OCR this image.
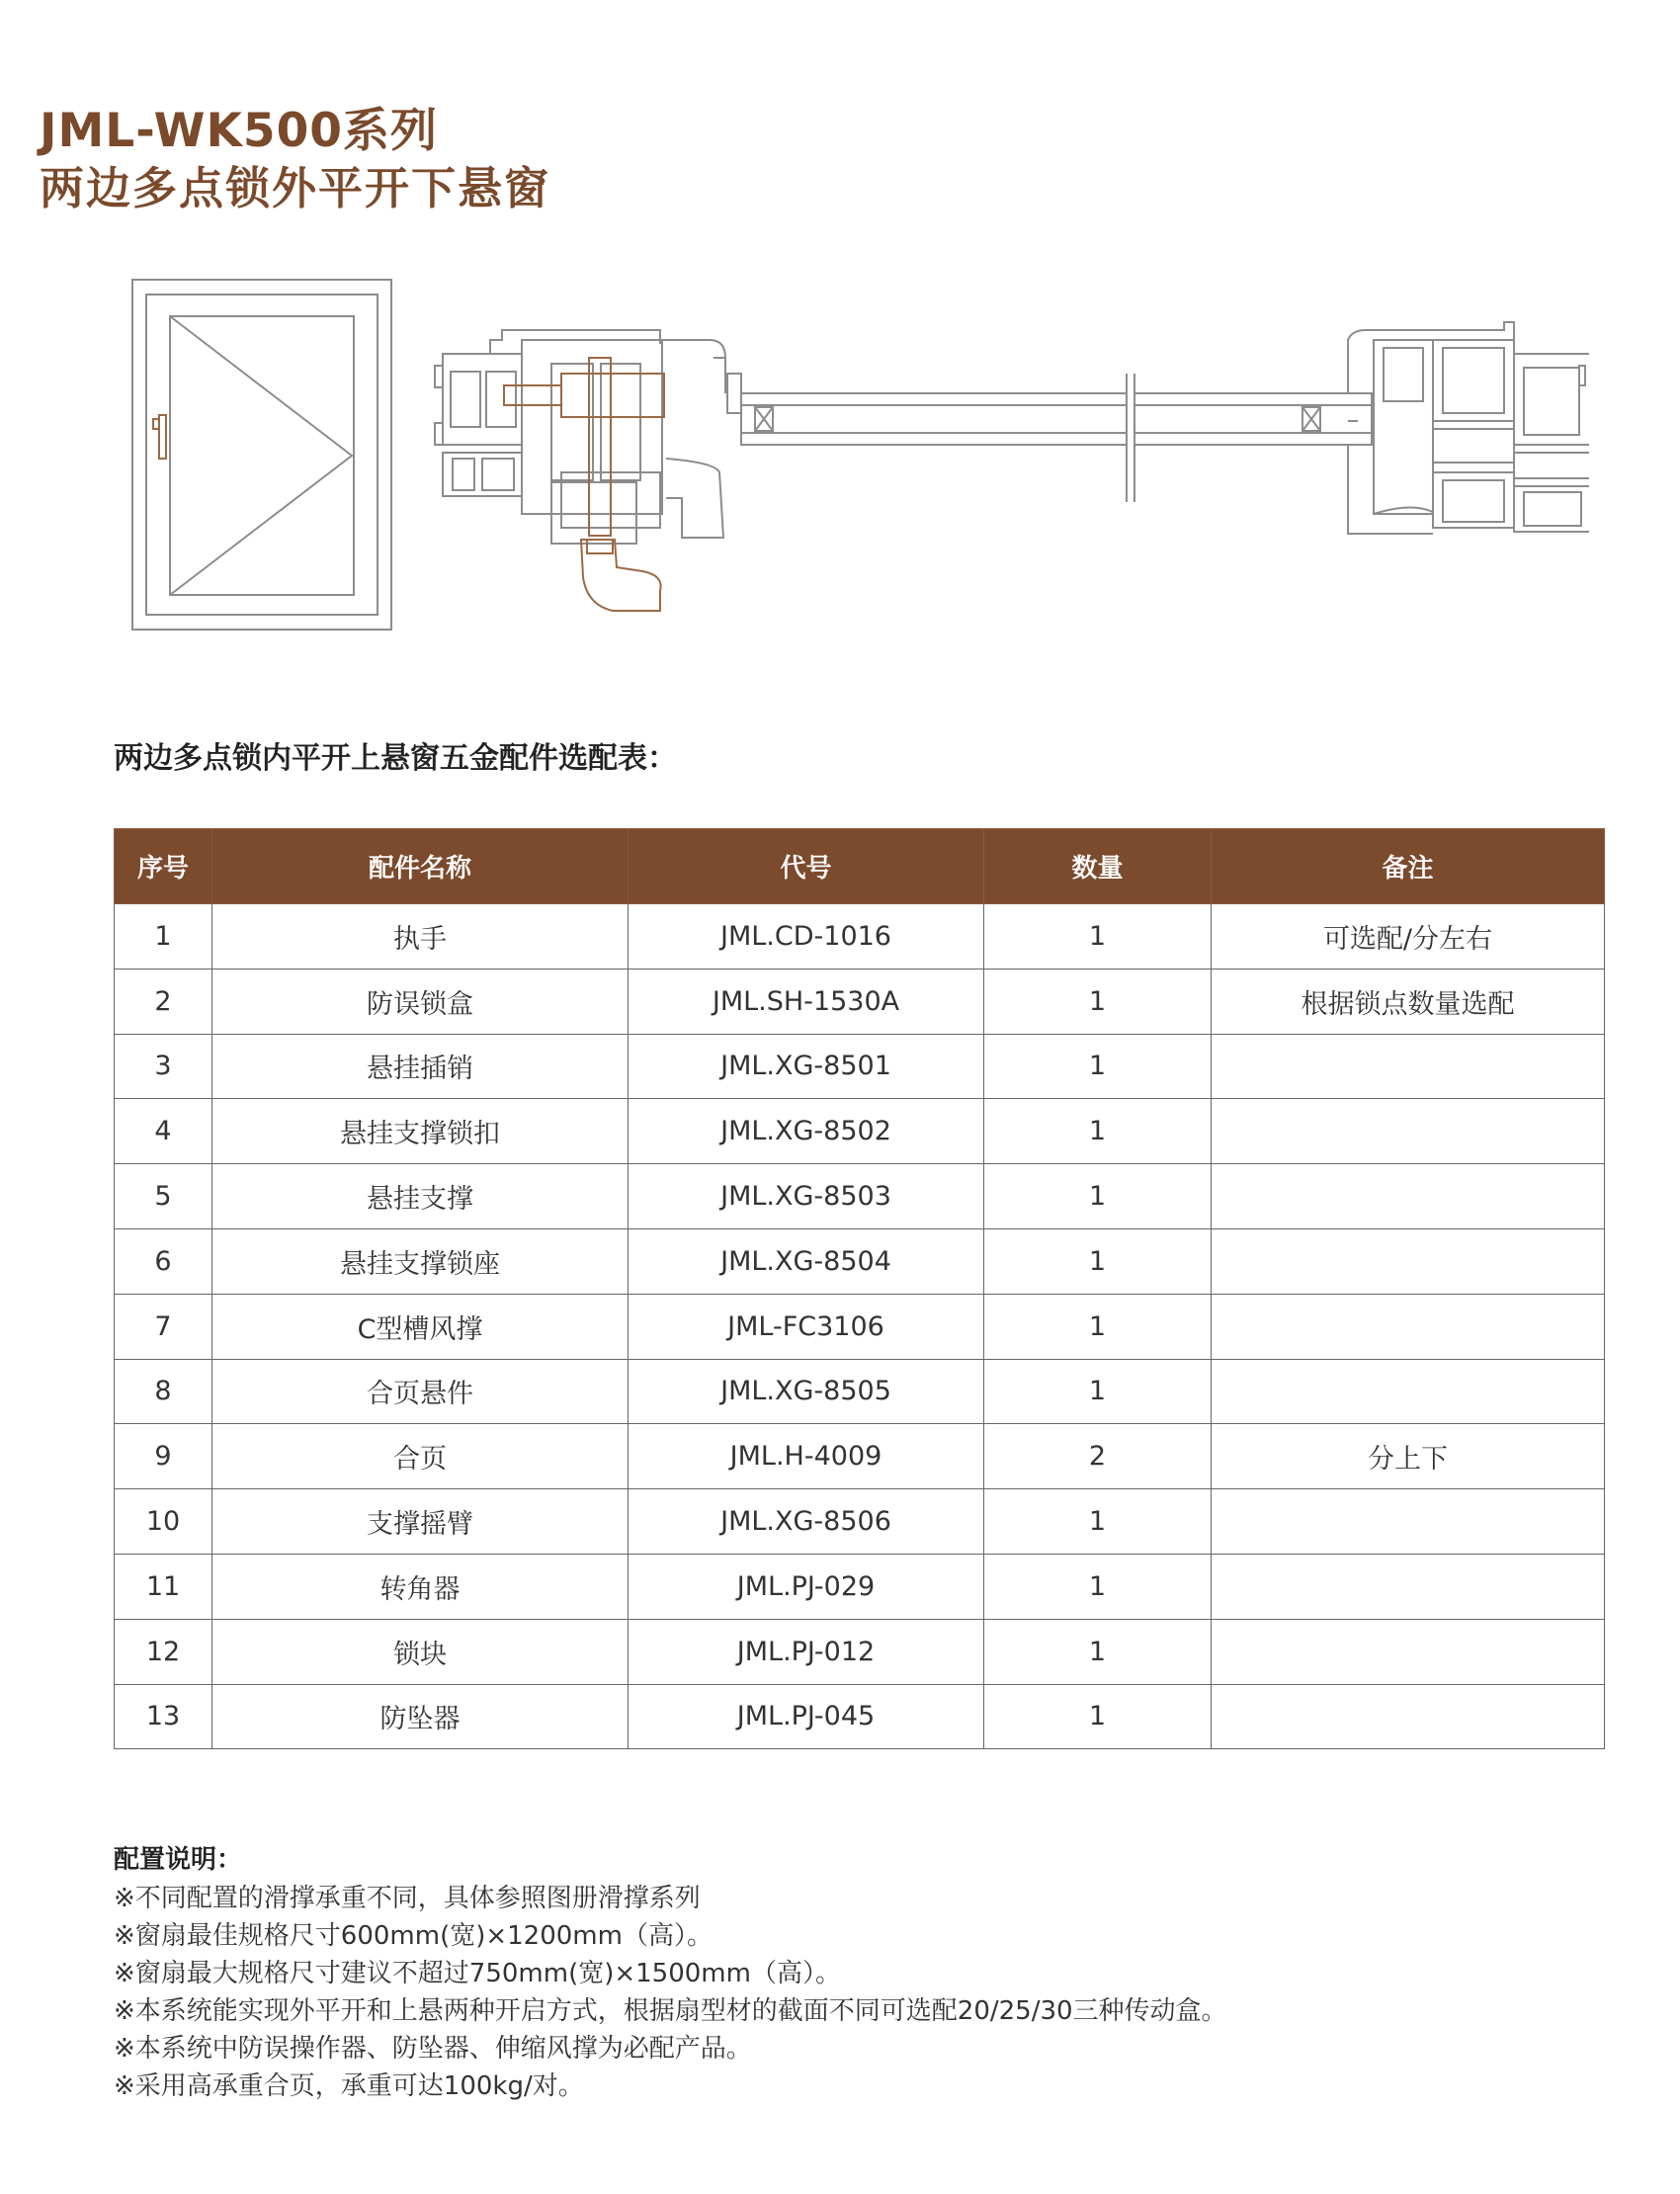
JML-WK500系列
两边多点锁外平开下悬窗
两边多点锁内平开上悬窗五金配件选配表：
序号	配件名称	代号	数量	备注
1	执手	JML.CD-1016	1	可选配/分左右
2	防误锁盒	JML.SH-1530A	1	根据锁点数量选配
3	悬挂插销	JML.XG-8501	1	
4	悬挂支撑锁扣	JML.XG-8502	1	
5	悬挂支撑	JML.XG-8503	1	
6	悬挂支撑锁座	JML.XG-8504	1	
7	C型槽风撑	JML-FC3106	1	
8	合页悬件	JML.XG-8505	1	
9	合页	JML.H-4009	2	分上下
10	支撑摇臂	JML.XG-8506	1	
11	转角器	JML.PJ-029	1	
12	锁块	JML.PJ-012	1	
13	防坠器	JML.PJ-045	1	
配置说明：
※不同配置的滑撑承重不同，具体参照图册滑撑系列
※窗扇最佳规格尺寸600mm(宽)×1200mm（高）。
※窗扇最大规格尺寸建议不超过750mm(宽)×1500mm（高）。
※本系统能实现外平开和上悬两种开启方式，根据扇型材的截面不同可选配20/25/30三种传动盒。
※本系统中防误操作器、防坠器、伸缩风撑为必配产品。
※采用高承重合页，承重可达100kg/对。
